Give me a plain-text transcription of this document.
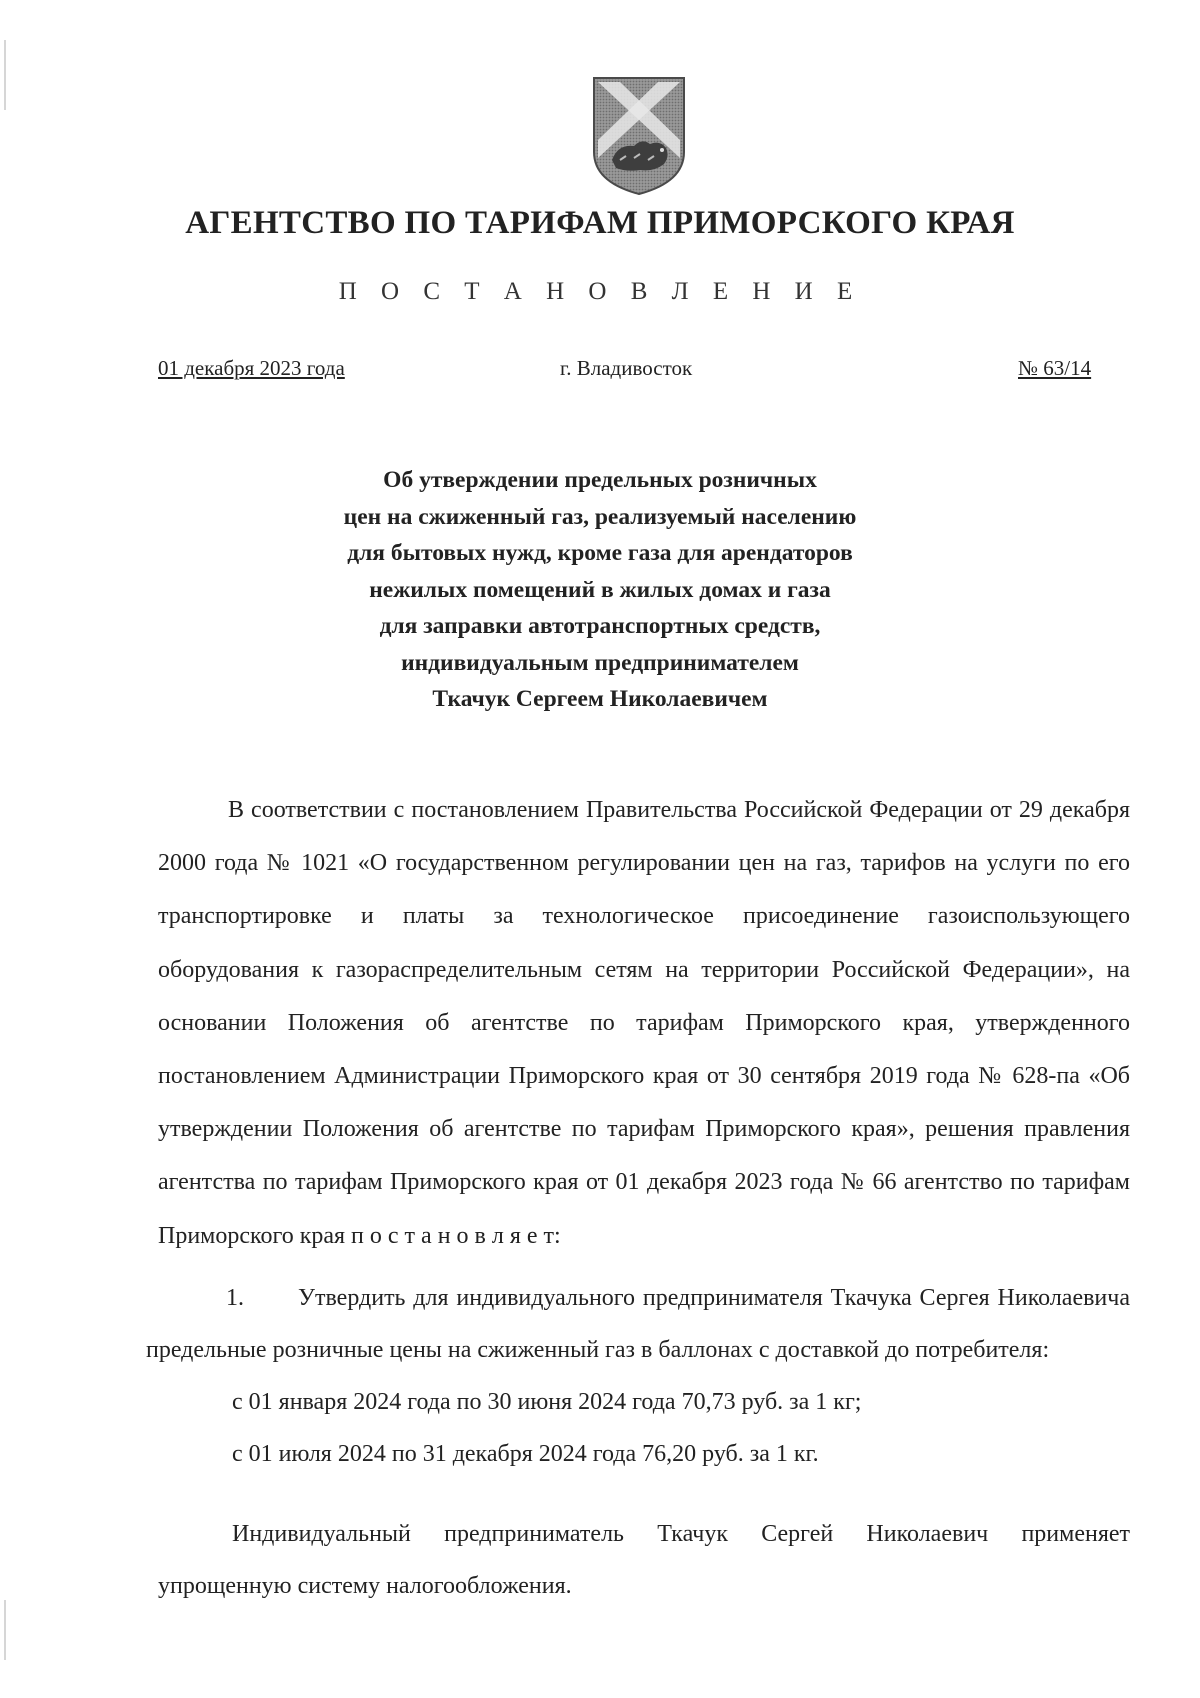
АГЕНТСТВО ПО ТАРИФАМ ПРИМОРСКОГО КРАЯ
П О С Т А Н О В Л Е Н И Е
01 декабря 2023 года	г. Владивосток	№ 63/14
Об утверждении предельных розничных
цен на сжиженный газ, реализуемый населению
для бытовых нужд, кроме газа для арендаторов
нежилых помещений в жилых домах и газа
для заправки автотранспортных средств,
индивидуальным предпринимателем
Ткачук Сергеем Николаевичем

В соответствии с постановлением Правительства Российской Федерации от 29 декабря 2000 года № 1021 «О государственном регулировании цен на газ, тарифов на услуги по его транспортировке и платы за технологическое присоединение газоиспользующего оборудования к газораспределительным сетям на территории Российской Федерации», на основании Положения об агентстве по тарифам Приморского края, утвержденного постановлением Администрации Приморского края от 30 сентября 2019 года № 628-па «Об утверждении Положения об агентстве по тарифам Приморского края», решения правления агентства по тарифам Приморского края от 01 декабря 2023 года № 66 агентство по тарифам Приморского края п о с т а н о в л я е т:

1. Утвердить для индивидуального предпринимателя Ткачука Сергея Николаевича предельные розничные цены на сжиженный газ в баллонах с доставкой до потребителя:

с 01 января 2024 года по 30 июня 2024 года 70,73 руб. за 1 кг;

с 01 июля 2024 по 31 декабря 2024 года 76,20 руб. за 1 кг.

Индивидуальный предприниматель Ткачук Сергей Николаевич применяет упрощенную систему налогообложения.
